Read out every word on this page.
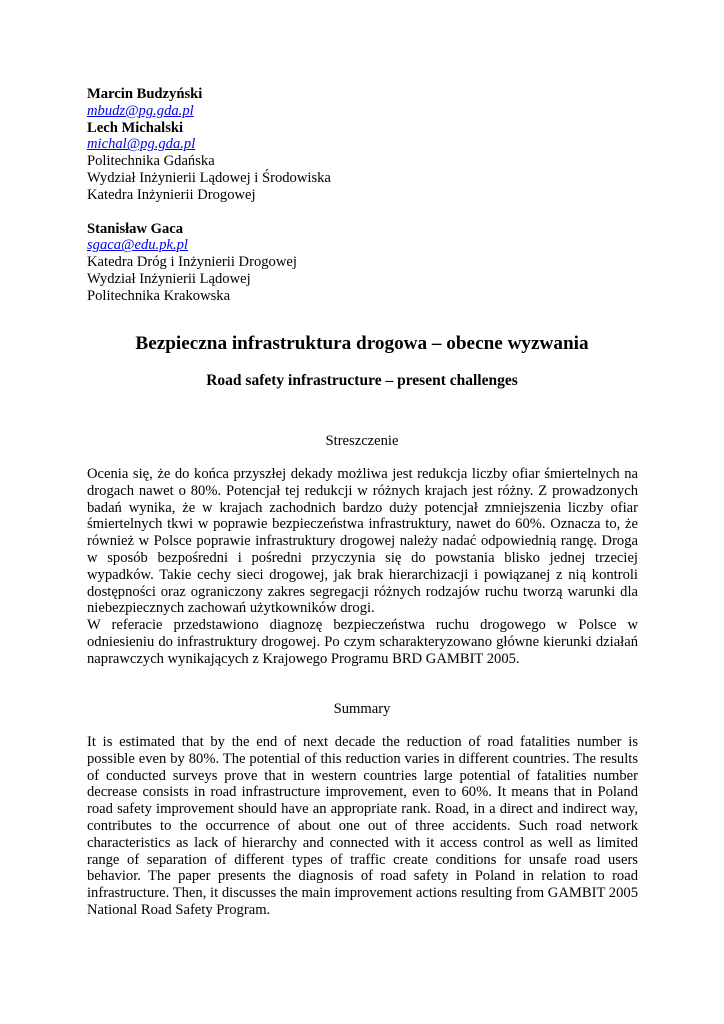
Marcin Budzyński
mbudz@pg.gda.pl
Lech Michalski
michal@pg.gda.pl
Politechnika Gdańska
Wydział Inżynierii Lądowej i Środowiska
Katedra Inżynierii Drogowej
Stanisław Gaca
sgaca@edu.pk.pl
Katedra Dróg i Inżynierii Drogowej
Wydział Inżynierii Lądowej
Politechnika Krakowska
Bezpieczna infrastruktura drogowa – obecne wyzwania
Road safety infrastructure – present challenges
Streszczenie

Ocenia się, że do końca przyszłej dekady możliwa jest redukcja liczby ofiar śmiertelnych na drogach nawet o 80%. Potencjał tej redukcji w różnych krajach jest różny. Z prowadzonych badań wynika, że w krajach zachodnich bardzo duży potencjał zmniejszenia liczby ofiar śmiertelnych tkwi w poprawie bezpieczeństwa infrastruktury, nawet do 60%. Oznacza to, że również w Polsce poprawie infrastruktury drogowej należy nadać odpowiednią rangę. Droga w sposób bezpośredni i pośredni przyczynia się do powstania blisko jednej trzeciej wypadków. Takie cechy sieci drogowej, jak brak hierarchizacji i powiązanej z nią kontroli dostępności oraz ograniczony zakres segregacji różnych rodzajów ruchu tworzą warunki dla niebezpiecznych zachowań użytkowników drogi.

W referacie przedstawiono diagnozę bezpieczeństwa ruchu drogowego w Polsce w odniesieniu do infrastruktury drogowej. Po czym scharakteryzowano główne kierunki działań naprawczych wynikających z Krajowego Programu BRD GAMBIT 2005.

Summary

It is estimated that by the end of next decade the reduction of road fatalities number is possible even by 80%. The potential of this reduction varies in different countries. The results of conducted surveys prove that in western countries large potential of fatalities number decrease consists in road infrastructure improvement, even to 60%. It means that in Poland road safety improvement should have an appropriate rank. Road, in a direct and indirect way, contributes to the occurrence of about one out of three accidents. Such road network characteristics as lack of hierarchy and connected with it access control as well as limited range of separation of different types of traffic create conditions for unsafe road users behavior. The paper presents the diagnosis of road safety in Poland in relation to road infrastructure. Then, it discusses the main improvement actions resulting from GAMBIT 2005 National Road Safety Program.
